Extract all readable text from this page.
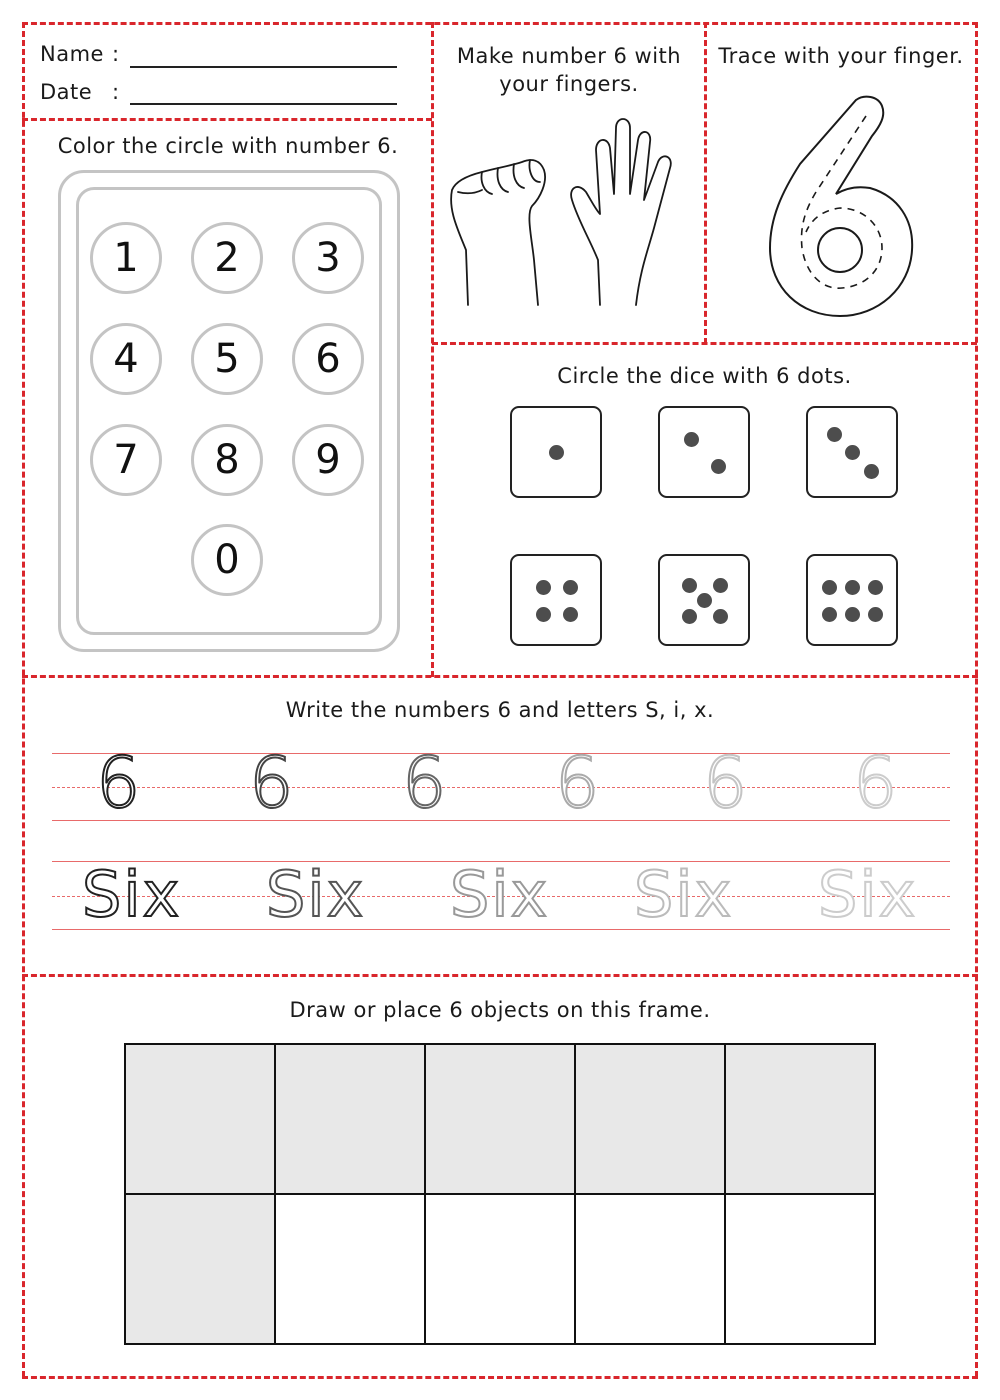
Name :
Date :
Make number 6 with
your fingers.
Trace with your finger.
Color the circle with number 6.
1	2	3
4	5	6
7	8	9
0
Circle the dice with 6 dots.
Write the numbers 6 and letters S, i, x.
6 6 6 6 6 6
Six Six Six Six Six
Draw or place 6 objects on this frame.
